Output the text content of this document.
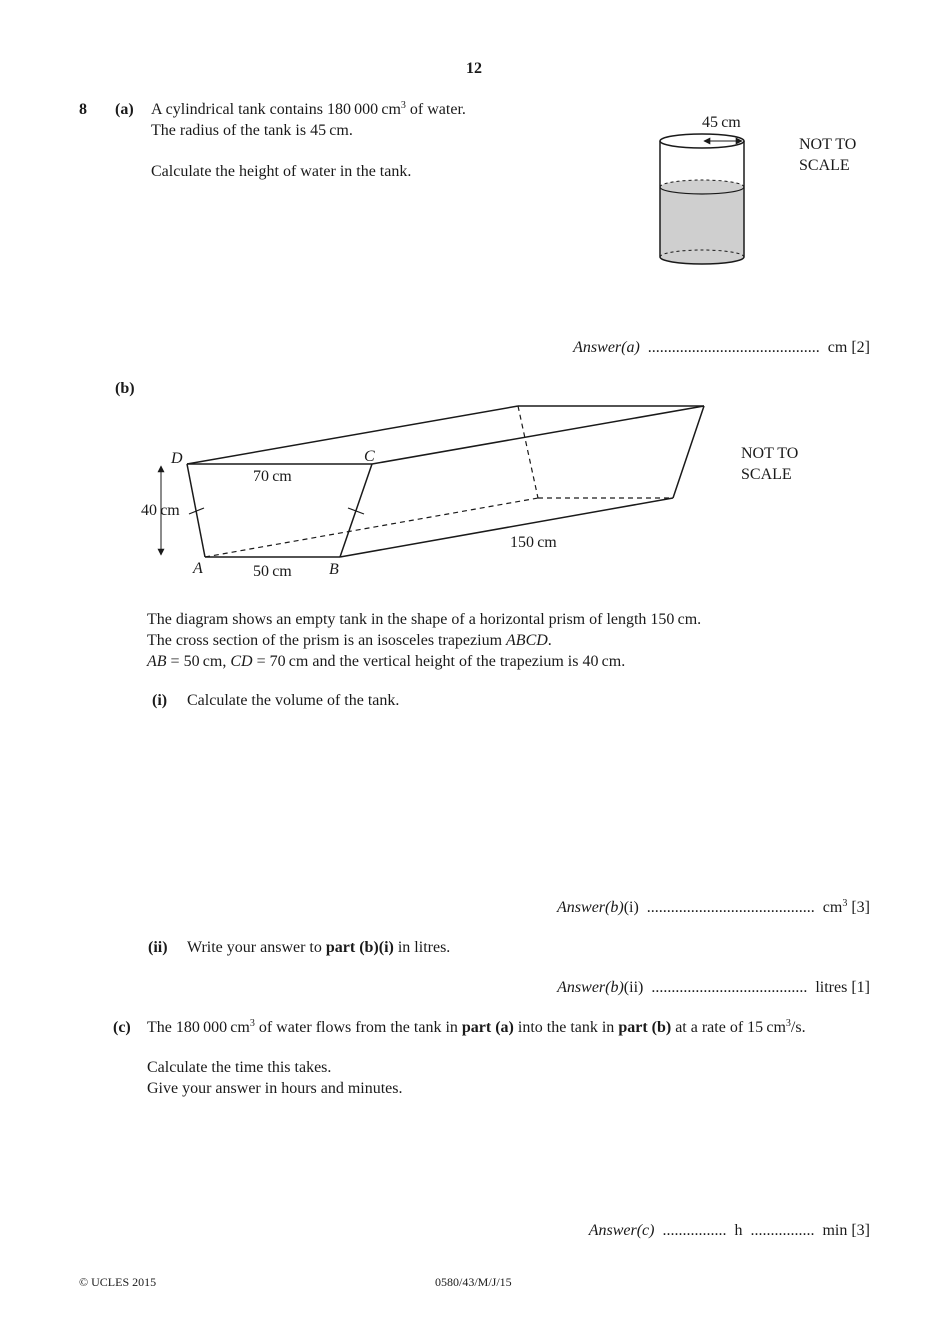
12
8 (a) A cylindrical tank contains 180 000 $cm^3$ of water.
The radius of the tank is 45 cm.
Calculate the height of water in the tank.
45 cm
NOT TO
SCALE
Answer(a) ........................................... cm [2]
(b)
D	C
A	B
70 cm
50 cm
40 cm
150 cm
NOT TO
SCALE
The diagram shows an empty tank in the shape of a horizontal prism of length 150 cm.
The cross section of the prism is an isosceles trapezium ABCD.
AB = 50 cm, CD = 70 cm and the vertical height of the trapezium is 40 cm.
(i) Calculate the volume of the tank.
Answer(b)(i) .......................................... $cm^3$ [3]
(ii) Write your answer to part (b)(i) in litres.
Answer(b)(ii) ....................................... litres [1]
(c) The 180 000 $cm^3$ of water flows from the tank in part (a) into the tank in part (b) at a rate of 15 $cm^3/s$.
Calculate the time this takes.
Give your answer in hours and minutes.
Answer(c) ................ h ................ min [3]
© UCLES 2015	0580/43/M/J/15
